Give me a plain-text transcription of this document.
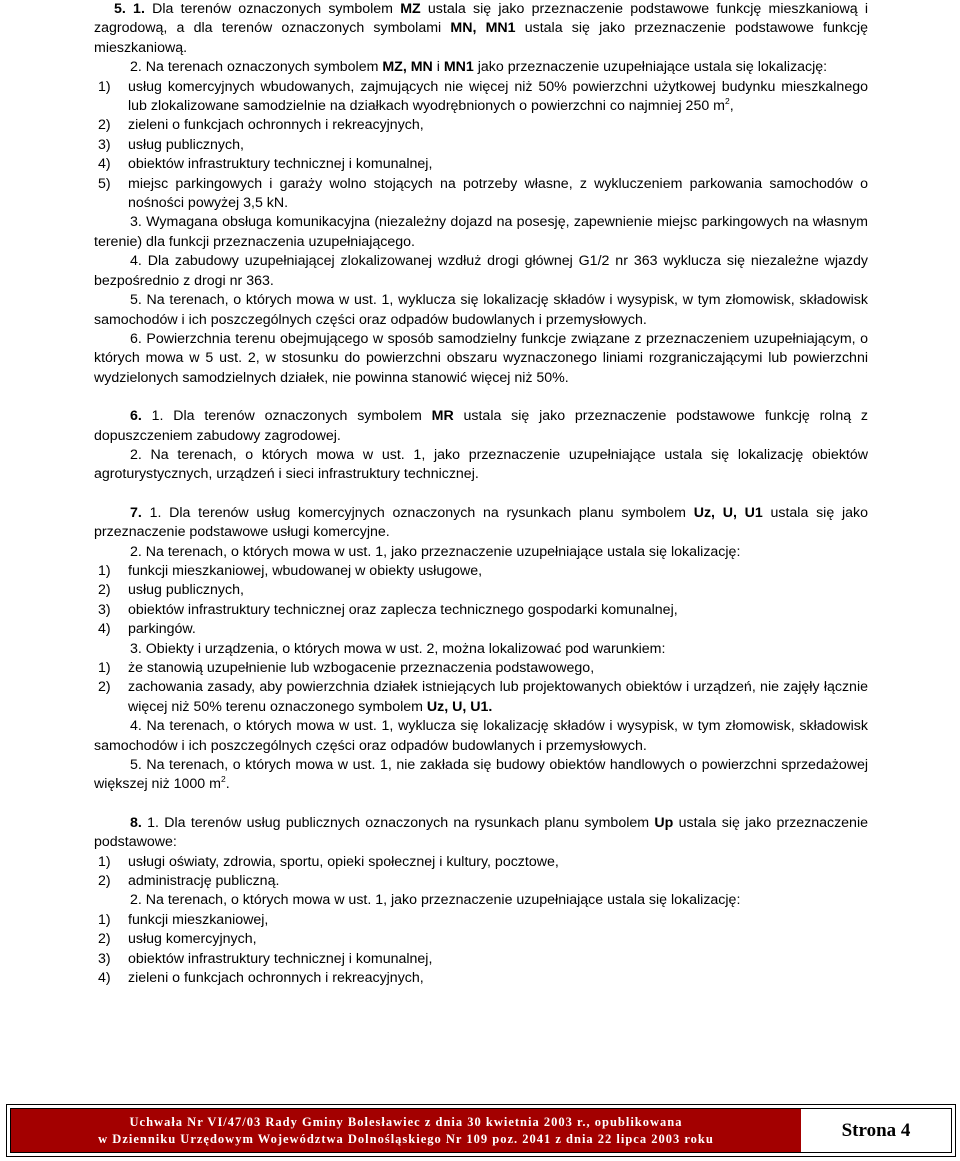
5. 1. Dla terenów oznaczonych symbolem MZ ustala się jako przeznaczenie podstawowe funkcję mieszkaniową i zagrodową, a dla terenów oznaczonych symbolami MN, MN1 ustala się jako przeznaczenie podstawowe funkcję mieszkaniową.

2. Na terenach oznaczonych symbolem MZ, MN i MN1 jako przeznaczenie uzupełniające ustala się lokalizację:

1)	usług komercyjnych wbudowanych, zajmujących nie więcej niż 50% powierzchni użytkowej budynku mieszkalnego lub zlokalizowane samodzielnie na działkach wyodrębnionych o powierzchni co najmniej 250 $m^2$,
2)	zieleni o funkcjach ochronnych i rekreacyjnych,
3)	usług publicznych,
4)	obiektów infrastruktury technicznej i komunalnej,
5)	miejsc parkingowych i garaży wolno stojących na potrzeby własne, z wykluczeniem parkowania samochodów o nośności powyżej 3,5 kN.

3. Wymagana obsługa komunikacyjna (niezależny dojazd na posesję, zapewnienie miejsc parkingowych na własnym terenie) dla funkcji przeznaczenia uzupełniającego.

4. Dla zabudowy uzupełniającej zlokalizowanej wzdłuż drogi głównej G1/2 nr 363 wyklucza się niezależne wjazdy bezpośrednio z drogi nr 363.

5. Na terenach, o których mowa w ust. 1, wyklucza się lokalizację składów i wysypisk, w tym złomowisk, składowisk samochodów i ich poszczególnych części oraz odpadów budowlanych i przemysłowych.

6. Powierzchnia terenu obejmującego w sposób samodzielny funkcje związane z przeznaczeniem uzupełniającym, o których mowa w 5 ust. 2, w stosunku do powierzchni obszaru wyznaczonego liniami rozgraniczającymi lub powierzchni wydzielonych samodzielnych działek, nie powinna stanowić więcej niż 50%.

6. 1. Dla terenów oznaczonych symbolem MR ustala się jako przeznaczenie podstawowe funkcję rolną z dopuszczeniem zabudowy zagrodowej.

2. Na terenach, o których mowa w ust. 1, jako przeznaczenie uzupełniające ustala się lokalizację obiektów agroturystycznych, urządzeń i sieci infrastruktury technicznej.

7. 1. Dla terenów usług komercyjnych oznaczonych na rysunkach planu symbolem Uz, U, U1 ustala się jako przeznaczenie podstawowe usługi komercyjne.

2. Na terenach, o których mowa w ust. 1, jako przeznaczenie uzupełniające ustala się lokalizację:

1)	funkcji mieszkaniowej, wbudowanej w obiekty usługowe,
2)	usług publicznych,
3)	obiektów infrastruktury technicznej oraz zaplecza technicznego gospodarki komunalnej,
4)	parkingów.

3. Obiekty i urządzenia, o których mowa w ust. 2, można lokalizować pod warunkiem:

1)	że stanowią uzupełnienie lub wzbogacenie przeznaczenia podstawowego,
2)	zachowania zasady, aby powierzchnia działek istniejących lub projektowanych obiektów i urządzeń, nie zajęły łącznie więcej niż 50% terenu oznaczonego symbolem Uz, U, U1.

4. Na terenach, o których mowa w ust. 1, wyklucza się lokalizację składów i wysypisk, w tym złomowisk, składowisk samochodów i ich poszczególnych części oraz odpadów budowlanych i przemysłowych.

5. Na terenach, o których mowa w ust. 1, nie zakłada się budowy obiektów handlowych o powierzchni sprzedażowej większej niż 1000 $m^2$.

8. 1. Dla terenów usług publicznych oznaczonych na rysunkach planu symbolem Up ustala się jako przeznaczenie podstawowe:

1)	usługi oświaty, zdrowia, sportu, opieki społecznej i kultury, pocztowe,
2)	administrację publiczną.

2. Na terenach, o których mowa w ust. 1, jako przeznaczenie uzupełniające ustala się lokalizację:

1)	funkcji mieszkaniowej,
2)	usług komercyjnych,
3)	obiektów infrastruktury technicznej i komunalnej,
4)	zieleni o funkcjach ochronnych i rekreacyjnych,
Uchwała Nr VI/47/03 Rady Gminy Bolesławiec z dnia 30 kwietnia 2003 r., opublikowana
w Dzienniku Urzędowym Województwa Dolnośląskiego Nr 109 poz. 2041 z dnia 22 lipca 2003 roku	Strona 4
